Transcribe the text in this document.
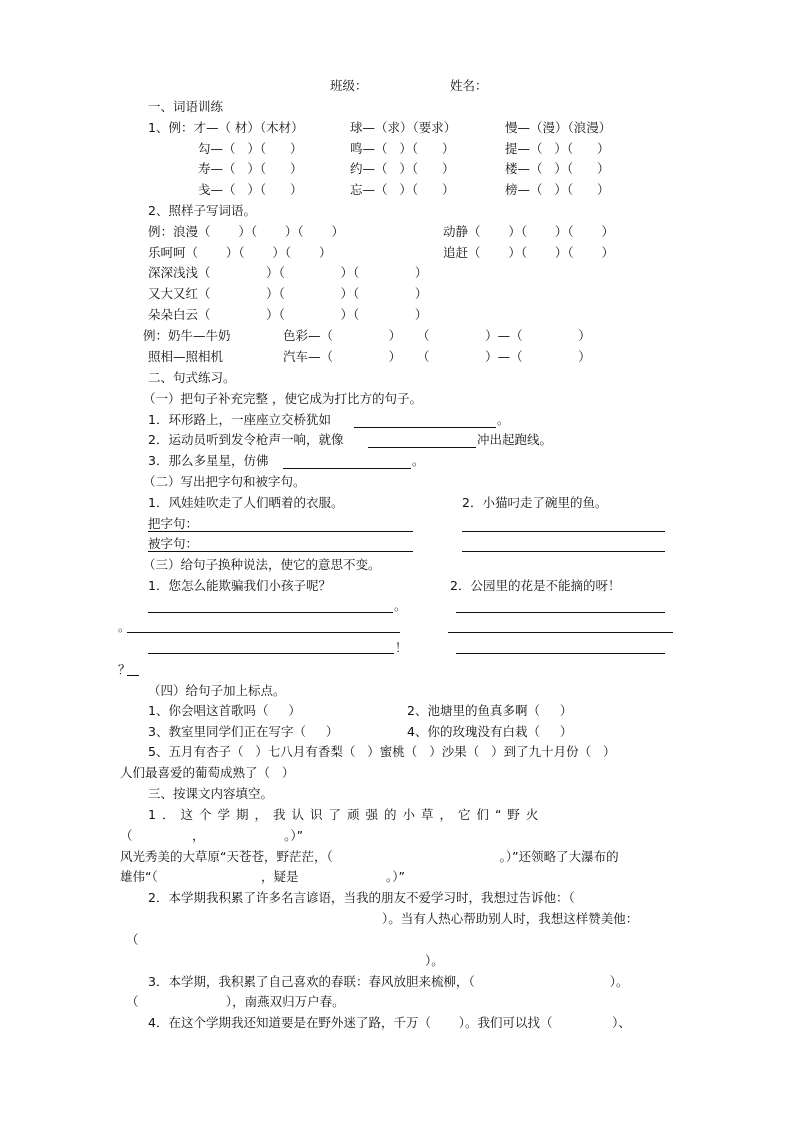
班级：	姓名：
一、词语训练
1、例：才—（ 材）（木材）	球—（求）（要求）	慢—（漫）（浪漫）
勾—（   ）（      ）	鸣—（   ）（      ）	提—（   ）（      ）
寿—（   ）（      ）	约—（   ）（      ）	楼—（   ）（      ）
戋—（   ）（      ）	忘—（   ）（      ）	榜—（   ）（      ）
2、照样子写词语。
例：浪漫（       ）（       ）（       ）	动静（       ）（       ）（       ）
乐呵呵（       ）（       ）（       ）	追赶（       ）（       ）（       ）
深深浅浅（              ）（              ）（              ）
又大又红（              ）（              ）（              ）
朵朵白云（              ）（              ）（              ）
例：奶牛—牛奶	色彩—（              ）    （              ）—（              ）
照相—照相机	汽车—（              ）    （              ）—（              ）
二、句式练习。
（一）把句子补充完整 ，使它成为打比方的句子。
1．环形路上，一座座立交桥犹如	。
2．运动员听到发令枪声一响，就像	冲出起跑线。
3．那么多星星，仿佛	。
（二）写出把字句和被字句。
1．风娃娃吹走了人们晒着的衣服。	2．小猫叼走了碗里的鱼。
把字句：
被字句：
（三）给句子换种说法，使它的意思不变。
1．您怎么能欺骗我们小孩子呢？	2．公园里的花是不能摘的呀！
。
。
！
？
（四）给句子加上标点。
1、你会唱这首歌吗（     ）	2、池塘里的鱼真多啊（     ）
3、教室里同学们正在写字（     ）	4、你的玫瑰没有白栽（     ）
5、五月有杏子（   ）七八月有香梨（   ）蜜桃（   ）沙果（   ）到了九十月份（   ）
人们最喜爱的葡萄成熟了（   ）
三、按课文内容填空。
1．这个学期，我认识了顽强的小草，它们“野火
（               ，                    。）”
风光秀美的大草原“天苍苍，野茫茫，（                                          。）”还领略了大瀑布的
雄伟“（                          ，疑是                      。）”
2．本学期我积累了许多名言谚语，当我的朋友不爱学习时，我想过告诉他：（
）。当有人热心帮助别人时，我想这样赞美他：
（
）。
3．本学期，我积累了自己喜欢的春联：春风放胆来梳柳，（                                  ）。
（                      ），南燕双归万户春。
4．在这个学期我还知道要是在野外迷了路，千万（       ）。我们可以找（               ）、
